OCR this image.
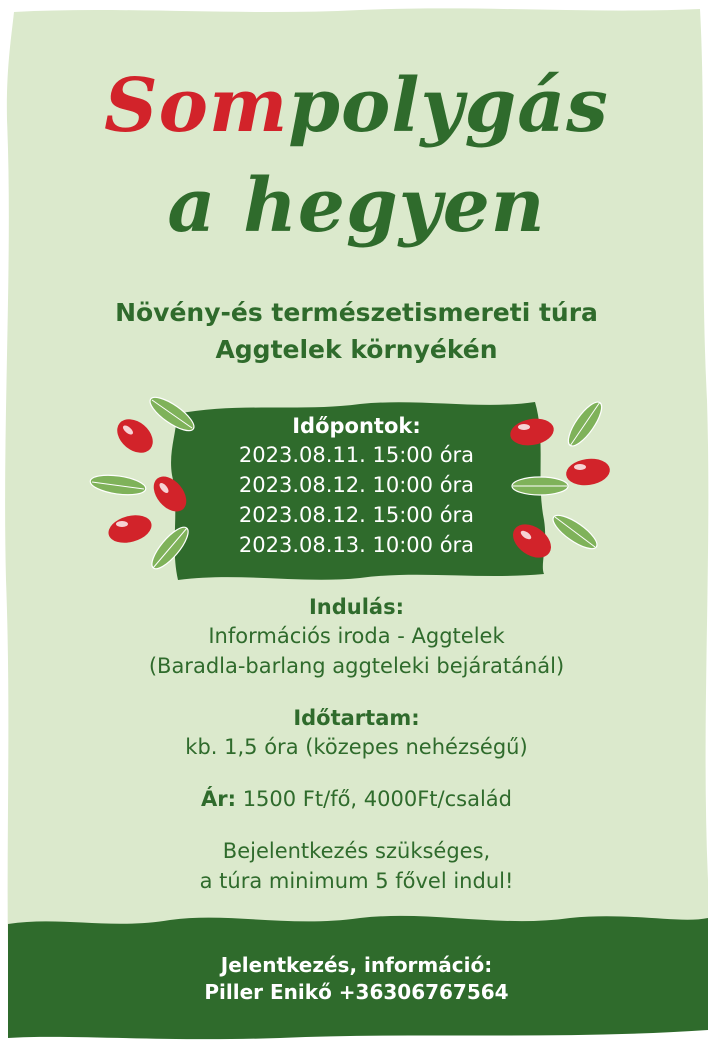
Sompolygás
a hegyen
Növény-és természetismereti túra
Aggtelek környékén
Időpontok:
2023.08.11. 15:00 óra
2023.08.12. 10:00 óra
2023.08.12. 15:00 óra
2023.08.13. 10:00 óra
Indulás:
Információs iroda - Aggtelek
(Baradla-barlang aggteleki bejáratánál)
Időtartam:
kb. 1,5 óra (közepes nehézségű)
Ár: 1500 Ft/fő, 4000Ft/család
Bejelentkezés szükséges,
a túra minimum 5 fővel indul!
Jelentkezés, információ:
Piller Enikő +36306767564
